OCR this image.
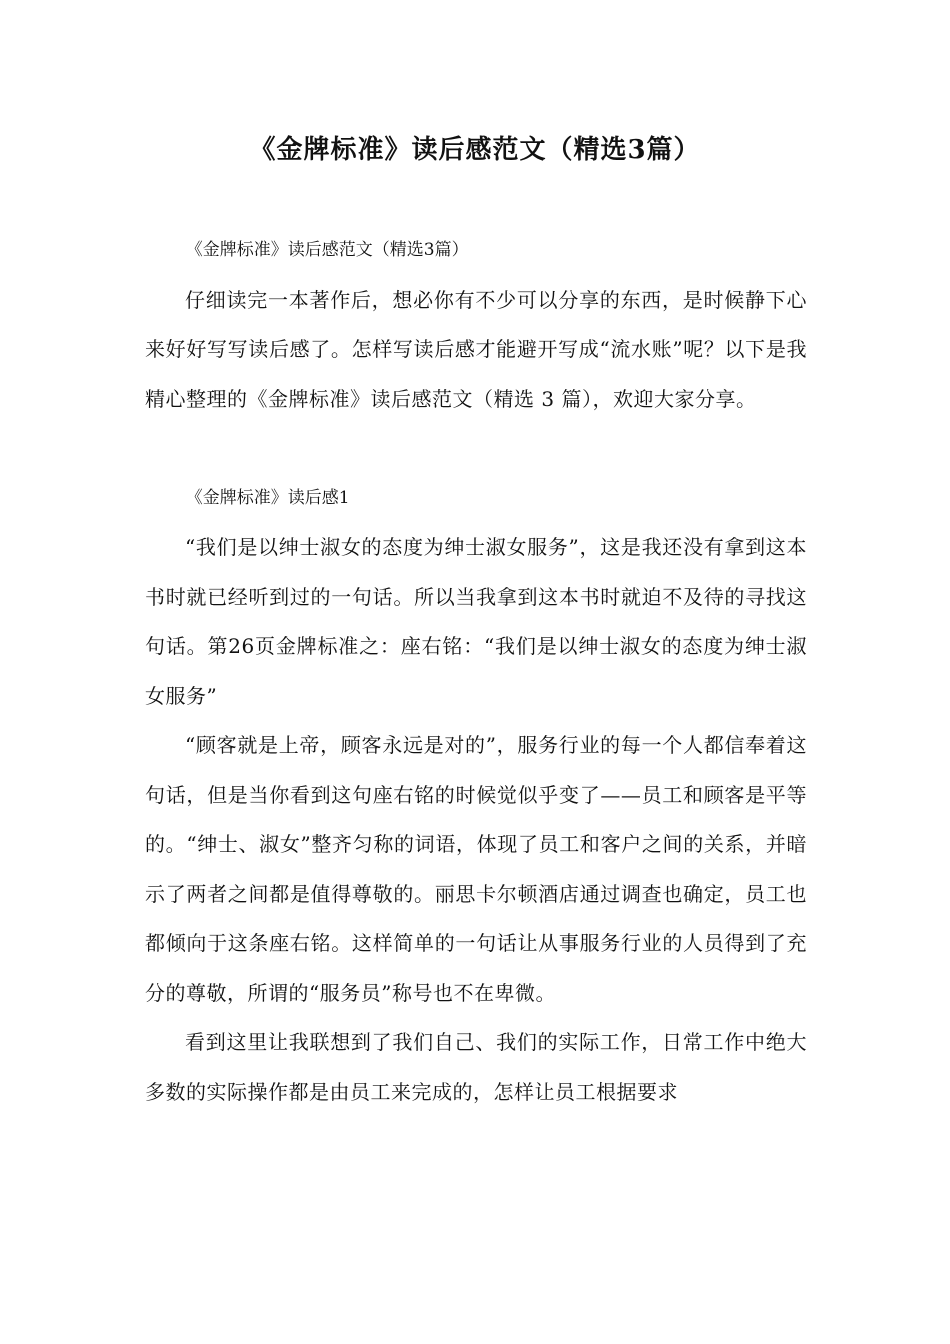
《金牌标准》读后感范文（精选3篇）

《金牌标准》读后感范文（精选3篇）

仔细读完一本著作后，想必你有不少可以分享的东西，是时候静下心来好好写写读后感了。怎样写读后感才能避开写成“流水账”呢？以下是我精心整理的《金牌标准》读后感范文（精选 3 篇），欢迎大家分享。

《金牌标准》读后感1

“我们是以绅士淑女的态度为绅士淑女服务”，这是我还没有拿到这本书时就已经听到过的一句话。所以当我拿到这本书时就迫不及待的寻找这句话。第26页金牌标准之：座右铭：“我们是以绅士淑女的态度为绅士淑女服务”

“顾客就是上帝，顾客永远是对的”，服务行业的每一个人都信奉着这句话，但是当你看到这句座右铭的时候觉似乎变了——员工和顾客是平等的。“绅士、淑女”整齐匀称的词语，体现了员工和客户之间的关系，并暗示了两者之间都是值得尊敬的。丽思卡尔顿酒店通过调查也确定，员工也都倾向于这条座右铭。这样简单的一句话让从事服务行业的人员得到了充分的尊敬，所谓的“服务员”称号也不在卑微。

看到这里让我联想到了我们自己、我们的实际工作，日常工作中绝大多数的实际操作都是由员工来完成的，怎样让员工根据要求
